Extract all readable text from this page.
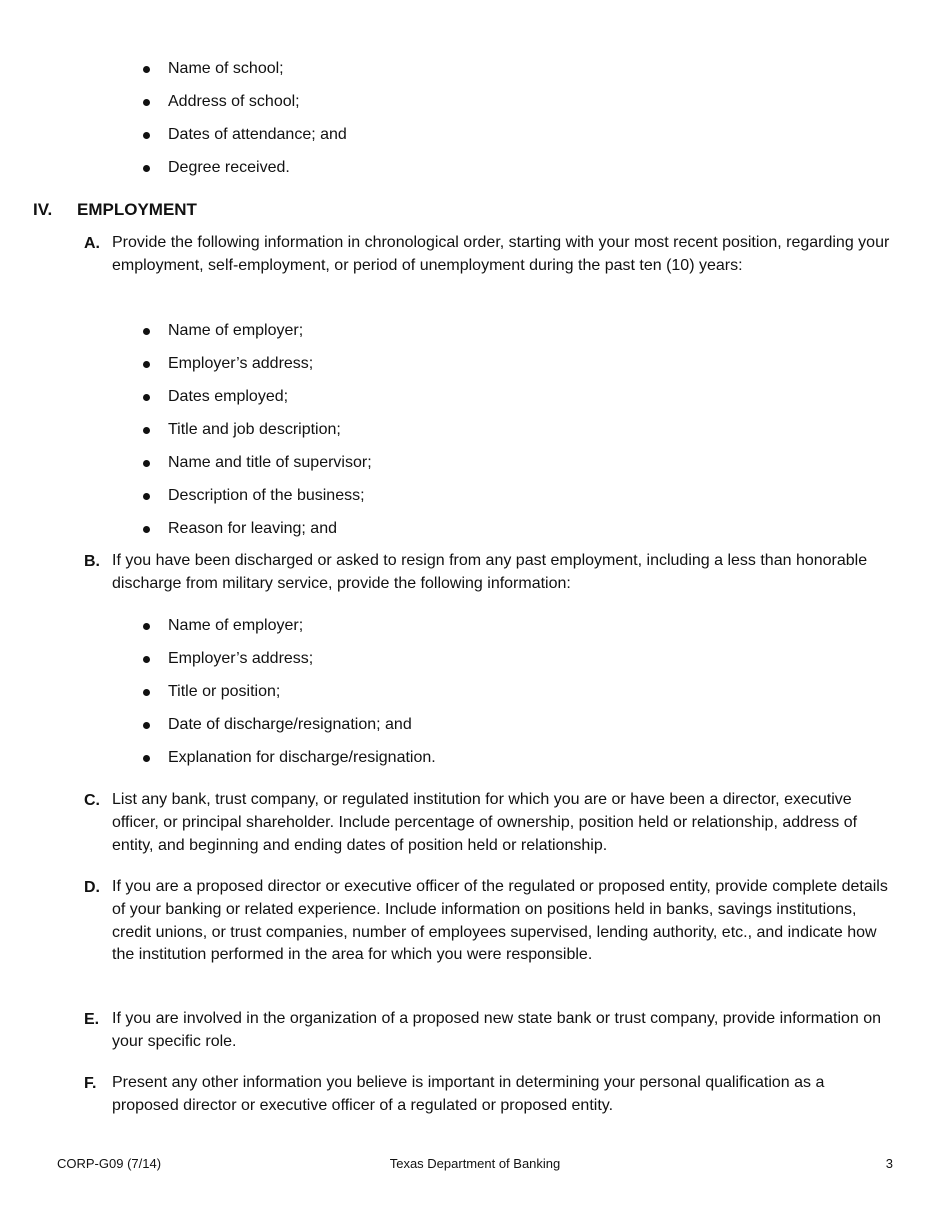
Name of school;
Address of school;
Dates of attendance; and
Degree received.
IV. EMPLOYMENT
A. Provide the following information in chronological order, starting with your most recent position, regarding your employment, self-employment, or period of unemployment during the past ten (10) years:
Name of employer;
Employer’s address;
Dates employed;
Title and job description;
Name and title of supervisor;
Description of the business;
Reason for leaving; and
B. If you have been discharged or asked to resign from any past employment, including a less than honorable discharge from military service, provide the following information:
Name of employer;
Employer’s address;
Title or position;
Date of discharge/resignation; and
Explanation for discharge/resignation.
C. List any bank, trust company, or regulated institution for which you are or have been a director, executive officer, or principal shareholder. Include percentage of ownership, position held or relationship, address of entity, and beginning and ending dates of position held or relationship.
D. If you are a proposed director or executive officer of the regulated or proposed entity, provide complete details of your banking or related experience. Include information on positions held in banks, savings institutions, credit unions, or trust companies, number of employees supervised, lending authority, etc., and indicate how the institution performed in the area for which you were responsible.
E. If you are involved in the organization of a proposed new state bank or trust company, provide information on your specific role.
F. Present any other information you believe is important in determining your personal qualification as a proposed director or executive officer of a regulated or proposed entity.
Texas Department of Banking
CORP-G09 (7/14)	3
